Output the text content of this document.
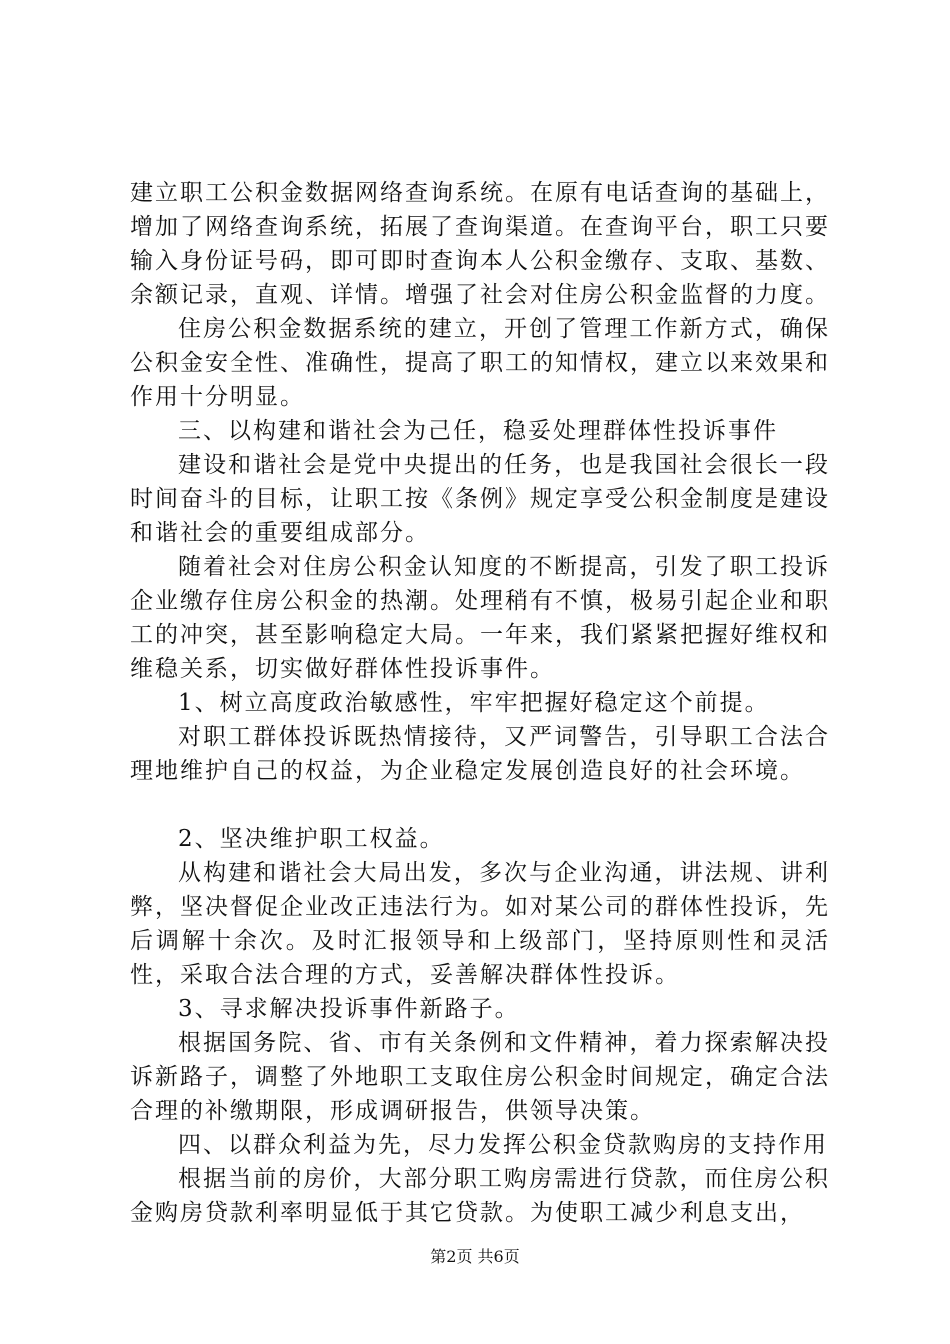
建立职工公积金数据网络查询系统。在原有电话查询的基础上，增加了网络查询系统，拓展了查询渠道。在查询平台，职工只要输入身份证号码，即可即时查询本人公积金缴存、支取、基数、余额记录，直观、详情。增强了社会对住房公积金监督的力度。

住房公积金数据系统的建立，开创了管理工作新方式，确保公积金安全性、准确性，提高了职工的知情权，建立以来效果和作用十分明显。

三、以构建和谐社会为己任，稳妥处理群体性投诉事件

建设和谐社会是党中央提出的任务，也是我国社会很长一段时间奋斗的目标，让职工按《条例》规定享受公积金制度是建设和谐社会的重要组成部分。

随着社会对住房公积金认知度的不断提高，引发了职工投诉企业缴存住房公积金的热潮。处理稍有不慎，极易引起企业和职工的冲突，甚至影响稳定大局。一年来，我们紧紧把握好维权和维稳关系，切实做好群体性投诉事件。

1、树立高度政治敏感性，牢牢把握好稳定这个前提。

对职工群体投诉既热情接待，又严词警告，引导职工合法合理地维护自己的权益，为企业稳定发展创造良好的社会环境。

2、坚决维护职工权益。

从构建和谐社会大局出发，多次与企业沟通，讲法规、讲利弊，坚决督促企业改正违法行为。如对某公司的群体性投诉，先后调解十余次。及时汇报领导和上级部门，坚持原则性和灵活性，采取合法合理的方式，妥善解决群体性投诉。

3、寻求解决投诉事件新路子。

根据国务院、省、市有关条例和文件精神，着力探索解决投诉新路子，调整了外地职工支取住房公积金时间规定，确定合法合理的补缴期限，形成调研报告，供领导决策。

四、以群众利益为先，尽力发挥公积金贷款购房的支持作用

根据当前的房价，大部分职工购房需进行贷款，而住房公积金购房贷款利率明显低于其它贷款。为使职工减少利息支出，

第2页 共6页
